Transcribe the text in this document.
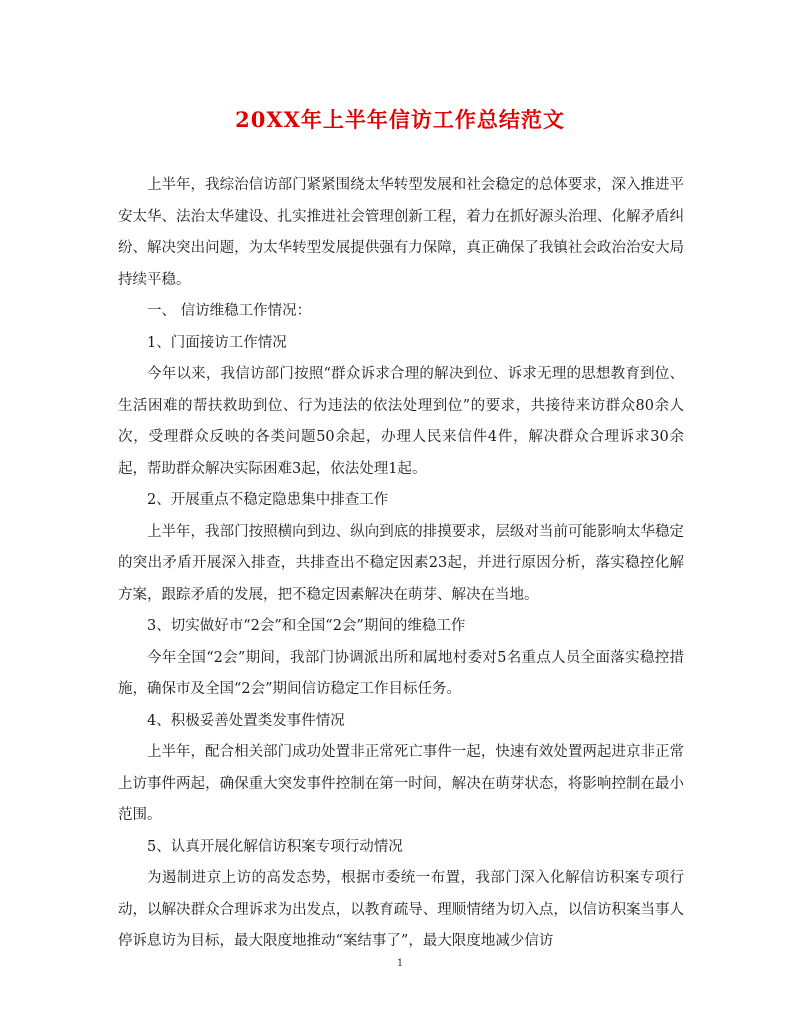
20XX年上半年信访工作总结范文

上半年，我综治信访部门紧紧围绕太华转型发展和社会稳定的总体要求，深入推进平安太华、法治太华建设、扎实推进社会管理创新工程，着力在抓好源头治理、化解矛盾纠纷、解决突出问题，为太华转型发展提供强有力保障，真正确保了我镇社会政治治安大局持续平稳。

一、 信访维稳工作情况：

1、门面接访工作情况

今年以来，我信访部门按照“群众诉求合理的解决到位、诉求无理的思想教育到位、生活困难的帮扶救助到位、行为违法的依法处理到位”的要求，共接待来访群众80余人次，受理群众反映的各类问题50余起，办理人民来信件4件，解决群众合理诉求30余起，帮助群众解决实际困难3起，依法处理1起。

2、开展重点不稳定隐患集中排查工作

上半年，我部门按照横向到边、纵向到底的排摸要求，层级对当前可能影响太华稳定的突出矛盾开展深入排查，共排查出不稳定因素23起，并进行原因分析，落实稳控化解方案，跟踪矛盾的发展，把不稳定因素解决在萌芽、解决在当地。

3、切实做好市“2会”和全国“2会”期间的维稳工作

今年全国“2会”期间，我部门协调派出所和属地村委对5名重点人员全面落实稳控措施，确保市及全国“2会”期间信访稳定工作目标任务。

4、积极妥善处置类发事件情况

上半年，配合相关部门成功处置非正常死亡事件一起，快速有效处置两起进京非正常上访事件两起，确保重大突发事件控制在第一时间，解决在萌芽状态，将影响控制在最小范围。

5、认真开展化解信访积案专项行动情况

为遏制进京上访的高发态势，根据市委统一布置，我部门深入化解信访积案专项行动，以解决群众合理诉求为出发点，以教育疏导、理顺情绪为切入点，以信访积案当事人停诉息访为目标，最大限度地推动“案结事了”，最大限度地减少信访

1
